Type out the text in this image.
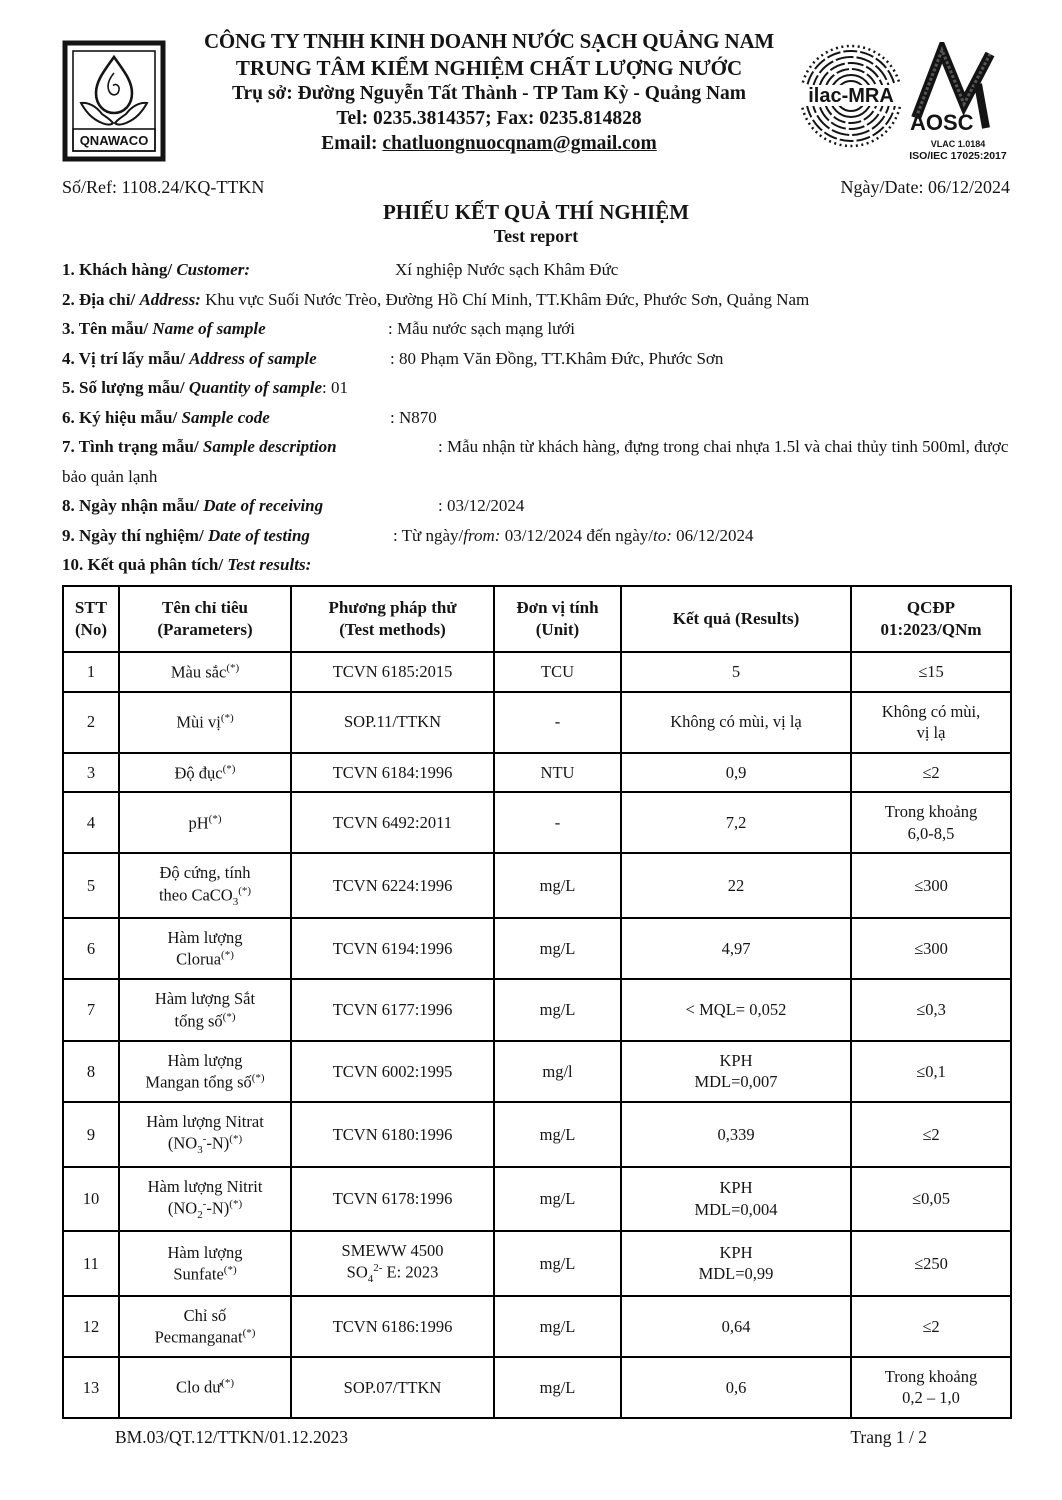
QNAWACO
CÔNG TY TNHH KINH DOANH NƯỚC SẠCH QUẢNG NAM
TRUNG TÂM KIỂM NGHIỆM CHẤT LƯỢNG NƯỚC
Trụ sở: Đường Nguyễn Tất Thành - TP Tam Kỳ - Quảng Nam
Tel: 0235.3814357; Fax: 0235.814828
Email: chatluongnuocqnam@gmail.com
ilac-MRA
AOSC
VLAC 1.0184
ISO/IEC 17025:2017
Số/Ref: 1108.24/KQ-TTKN	Ngày/Date: 06/12/2024
PHIẾU KẾT QUẢ THÍ NGHIỆM
Test report
1. Khách hàng/ Customer:	Xí nghiệp Nước sạch Khâm Đức
2. Địa chỉ/ Address: Khu vực Suối Nước Trèo, Đường Hồ Chí Minh, TT.Khâm Đức, Phước Sơn, Quảng Nam
3. Tên mẫu/ Name of sample	: Mẫu nước sạch mạng lưới
4. Vị trí lấy mẫu/ Address of sample	: 80 Phạm Văn Đồng, TT.Khâm Đức, Phước Sơn
5. Số lượng mẫu/ Quantity of sample: 01
6. Ký hiệu mẫu/ Sample code	: N870
7. Tình trạng mẫu/ Sample description	: Mẫu nhận từ khách hàng, đựng trong chai nhựa 1.5l và chai thủy tinh 500ml, được bảo quản lạnh
8. Ngày nhận mẫu/ Date of receiving	: 03/12/2024
9. Ngày thí nghiệm/ Date of testing	: Từ ngày/from: 03/12/2024 đến ngày/to: 06/12/2024
10. Kết quả phân tích/ Test results:
STT
(No)	Tên chỉ tiêu
(Parameters)	Phương pháp thử
(Test methods)	Đơn vị tính
(Unit)	Kết quả (Results)	QCĐP
01:2023/QNm
1	Màu sắc(*)	TCVN 6185:2015	TCU	5	≤15
2	Mùi vị(*)	SOP.11/TTKN	-	Không có mùi, vị lạ	Không có mùi,
vị lạ
3	Độ đục(*)	TCVN 6184:1996	NTU	0,9	≤2
4	pH(*)	TCVN 6492:2011	-	7,2	Trong khoảng
6,0-8,5
5	Độ cứng, tính
theo CaCO$_3$(*)	TCVN 6224:1996	mg/L	22	≤300
6	Hàm lượng
Clorua(*)	TCVN 6194:1996	mg/L	4,97	≤300
7	Hàm lượng Sắt
tổng số(*)	TCVN 6177:1996	mg/L	< MQL= 0,052	≤0,3
8	Hàm lượng
Mangan tổng số(*)	TCVN 6002:1995	mg/l	KPH
MDL=0,007	≤0,1
9	Hàm lượng Nitrat
$(NO_3^--N)^{(*)}$	TCVN 6180:1996	mg/L	0,339	≤2
10	Hàm lượng Nitrit
$(NO_2^--N)^{(*)}$	TCVN 6178:1996	mg/L	KPH
MDL=0,004	≤0,05
11	Hàm lượng
Sunfate(*)	SMEWW 4500
$SO_4^{2-}$ E: 2023	mg/L	KPH
MDL=0,99	≤250
12	Chỉ số
Pecmanganat(*)	TCVN 6186:1996	mg/L	0,64	≤2
13	Clo dư(*)	SOP.07/TTKN	mg/L	0,6	Trong khoảng
0,2 – 1,0
BM.03/QT.12/TTKN/01.12.2023	Trang 1 / 2
